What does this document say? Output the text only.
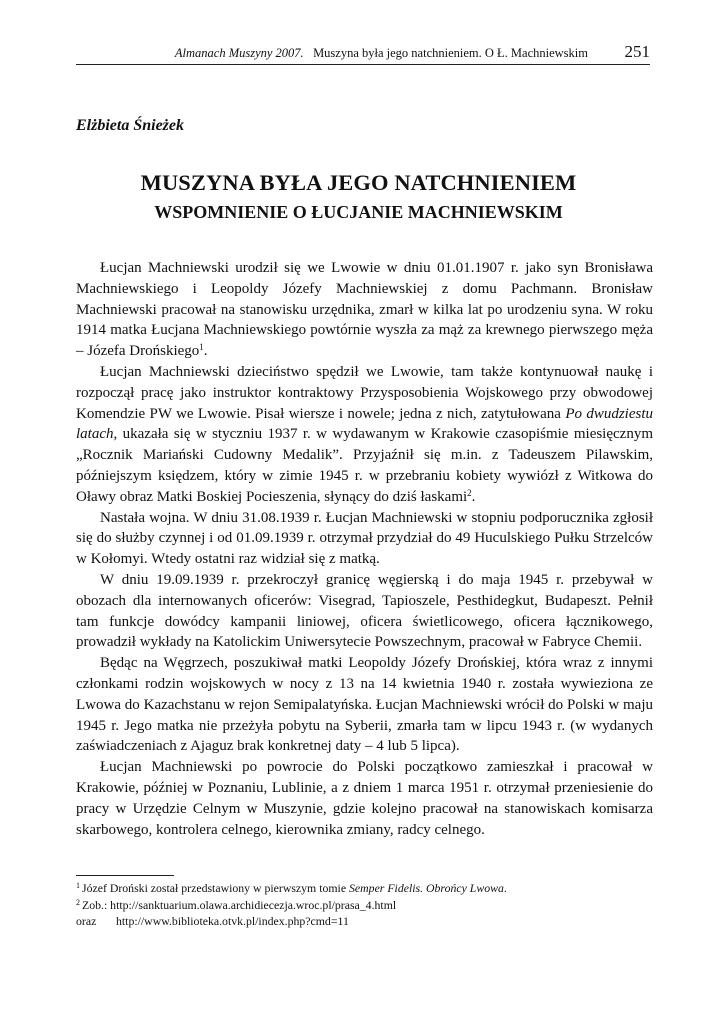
Almanach Muszyny 2007. Muszyna była jego natchnieniem. O Ł. Machniewskim 251
Elżbieta Śnieżek
MUSZYNA BYŁA JEGO NATCHNIENIEM
WSPOMNIENIE O ŁUCJANIE MACHNIEWSKIM

Łucjan Machniewski urodził się we Lwowie w dniu 01.01.1907 r. jako syn Bronisława Machniewskiego i Leopoldy Józefy Machniewskiej z domu Pachmann. Bronisław Machniewski pracował na stanowisku urzędnika, zmarł w kilka lat po urodzeniu syna. W roku 1914 matka Łucjana Machniewskiego powtórnie wyszła za mąż za krewnego pierwszego męża – Józefa Drońskiego$^1$.

Łucjan Machniewski dzieciństwo spędził we Lwowie, tam także kontynuował naukę i rozpoczął pracę jako instruktor kontraktowy Przysposobienia Wojskowego przy obwodowej Komendzie PW we Lwowie. Pisał wiersze i nowele; jedna z nich, zatytułowana Po dwudziestu latach, ukazała się w styczniu 1937 r. w wydawanym w Krakowie czasopiśmie miesięcznym „Rocznik Mariański Cudowny Medalik”. Przyjaźnił się m.in. z Tadeuszem Pilawskim, późniejszym księdzem, który w zimie 1945 r. w przebraniu kobiety wywiózł z Witkowa do Oławy obraz Matki Boskiej Pocieszenia, słynący do dziś łaskami$^2$.

Nastała wojna. W dniu 31.08.1939 r. Łucjan Machniewski w stopniu podporucznika zgłosił się do służby czynnej i od 01.09.1939 r. otrzymał przydział do 49 Huculskiego Pułku Strzelców w Kołomyi. Wtedy ostatni raz widział się z matką.

W dniu 19.09.1939 r. przekroczył granicę węgierską i do maja 1945 r. przebywał w obozach dla internowanych oficerów: Visegrad, Tapioszele, Pesthidegkut, Budapeszt. Pełnił tam funkcje dowódcy kampanii liniowej, oficera świetlicowego, oficera łącznikowego, prowadził wykłady na Katolickim Uniwersytecie Powszechnym, pracował w Fabryce Chemii.

Będąc na Węgrzech, poszukiwał matki Leopoldy Józefy Drońskiej, która wraz z innymi członkami rodzin wojskowych w nocy z 13 na 14 kwietnia 1940 r. została wywieziona ze Lwowa do Kazachstanu w rejon Semipalatyńska. Łucjan Machniewski wrócił do Polski w maju 1945 r. Jego matka nie przeżyła pobytu na Syberii, zmarła tam w lipcu 1943 r. (w wydanych zaświadczeniach z Ajaguz brak konkretnej daty – 4 lub 5 lipca).

Łucjan Machniewski po powrocie do Polski początkowo zamieszkał i pracował w Krakowie, później w Poznaniu, Lublinie, a z dniem 1 marca 1951 r. otrzymał przeniesienie do pracy w Urzędzie Celnym w Muszynie, gdzie kolejno pracował na stanowiskach komisarza skarbowego, kontrolera celnego, kierownika zmiany, radcy celnego.

$^1$ Józef Droński został przedstawiony w pierwszym tomie Semper Fidelis. Obrońcy Lwowa.

$^2$ Zob.: http://sanktuarium.olawa.archidiecezja.wroc.pl/prasa_4.html

oraz http://www.biblioteka.otvk.pl/index.php?cmd=11
